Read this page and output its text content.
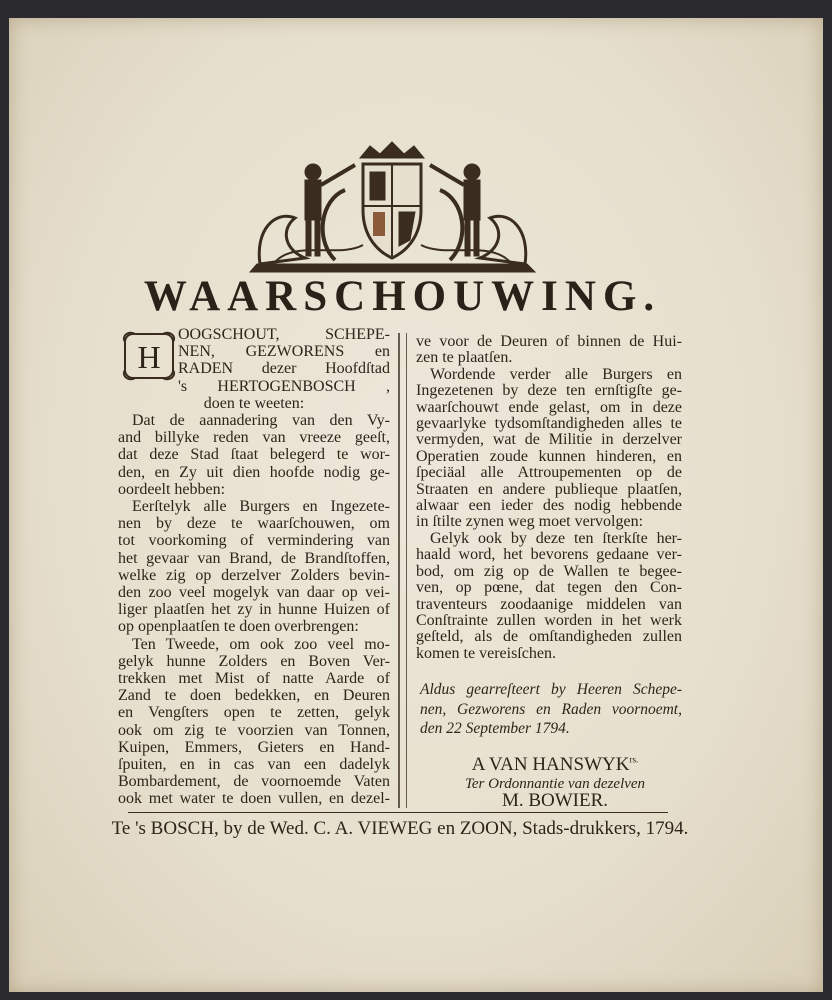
WAARSCHOUWING.
H
OOGSCHOUT, SCHEPE-
NEN, GEZWORENS en
RADEN dezer Hoofdſtad
's HERTOGENBOSCH ,
doen te weeten:
Dat de aannadering van den Vy-
and billyke reden van vreeze geeſt,
dat deze Stad ſtaat belegerd te wor-
den, en Zy uit dien hoofde nodig ge-
oordeelt hebben:
Eerſtelyk alle Burgers en Ingezete-
nen by deze te waarſchouwen, om
tot voorkoming of vermindering van
het gevaar van Brand, de Brandſtoffen,
welke zig op derzelver Zolders bevin-
den zoo veel mogelyk van daar op vei-
liger plaatſen het zy in hunne Huizen of
op openplaatſen te doen overbrengen:
Ten Tweede, om ook zoo veel mo-
gelyk hunne Zolders en Boven Ver-
trekken met Mist of natte Aarde of
Zand te doen bedekken, en Deuren
en Vengſters open te zetten, gelyk
ook om zig te voorzien van Tonnen,
Kuipen, Emmers, Gieters en Hand-
ſpuiten, en in cas van een dadelyk
Bombardement, de voornoemde Vaten
ook met water te doen vullen, en dezel-
ve voor de Deuren of binnen de Hui-
zen te plaatſen.
Wordende verder alle Burgers en
Ingezetenen by deze ten ernſtigſte ge-
waarſchouwt ende gelast, om in deze
gevaarlyke tydsomſtandigheden alles te
vermyden, wat de Militie in derzelver
Operatien zoude kunnen hinderen, en
ſpeciäal alle Attroupementen op de
Straaten en andere publieque plaatſen,
alwaar een ieder des nodig hebbende
in ſtilte zynen weg moet vervolgen:
Gelyk ook by deze ten ſterkſte her-
haald word, het bevorens gedaane ver-
bod, om zig op de Wallen te begee-
ven, op pœne, dat tegen den Con-
traventeurs zoodaanige middelen van
Conſtrainte zullen worden in het werk
geſteld, als de omſtandigheden zullen
komen te vereisſchen.
Aldus gearreſteert by Heeren Schepe-
nen, Gezworens en Raden voornoemt,
den 22 September 1794.
A VAN $HANSWYK^{rs.}$
Ter Ordonnantie van dezelven
M. BOWIER.
Te 's BOSCH, by de Wed. C. A. VIEWEG en ZOON, Stads-drukkers, 1794.
